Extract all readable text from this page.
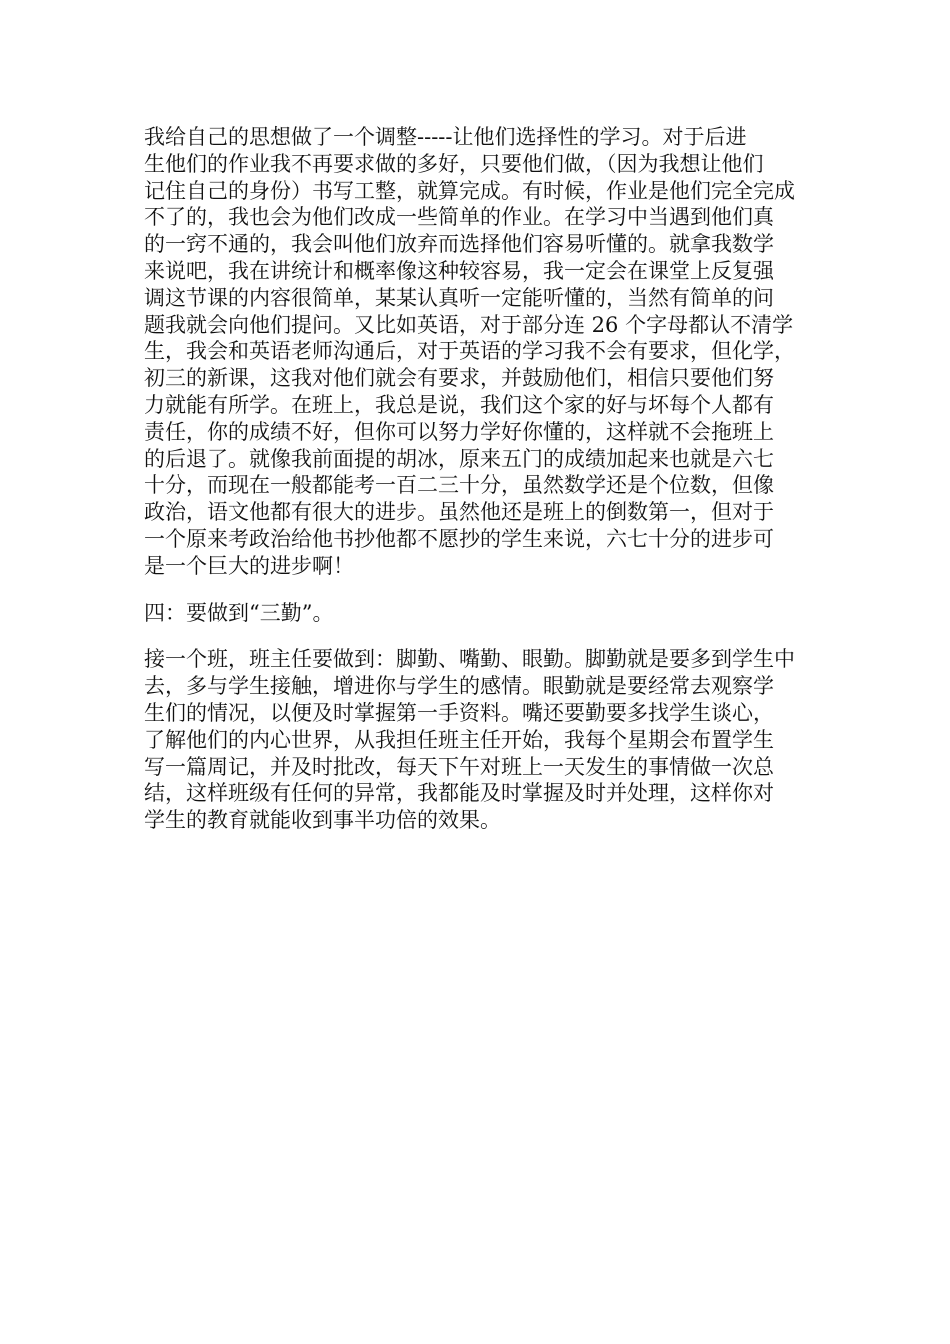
我给自己的思想做了一个调整-----让他们选择性的学习。对于后进
生他们的作业我不再要求做的多好，只要他们做，（因为我想让他们
记住自己的身份）书写工整，就算完成。有时候，作业是他们完全完成
不了的，我也会为他们改成一些简单的作业。在学习中当遇到他们真
的一窍不通的，我会叫他们放弃而选择他们容易听懂的。就拿我数学
来说吧，我在讲统计和概率像这种较容易，我一定会在课堂上反复强
调这节课的内容很简单，某某认真听一定能听懂的，当然有简单的问
题我就会向他们提问。又比如英语，对于部分连 26 个字母都认不清学
生，我会和英语老师沟通后，对于英语的学习我不会有要求，但化学，
初三的新课，这我对他们就会有要求，并鼓励他们，相信只要他们努
力就能有所学。在班上，我总是说，我们这个家的好与坏每个人都有
责任，你的成绩不好，但你可以努力学好你懂的，这样就不会拖班上
的后退了。就像我前面提的胡冰，原来五门的成绩加起来也就是六七
十分，而现在一般都能考一百二三十分，虽然数学还是个位数，但像
政治，语文他都有很大的进步。虽然他还是班上的倒数第一，但对于
一个原来考政治给他书抄他都不愿抄的学生来说，六七十分的进步可
是一个巨大的进步啊！
四：要做到“三勤”。
接一个班，班主任要做到：脚勤、嘴勤、眼勤。脚勤就是要多到学生中
去，多与学生接触，增进你与学生的感情。眼勤就是要经常去观察学
生们的情况，以便及时掌握第一手资料。嘴还要勤要多找学生谈心，
了解他们的内心世界，从我担任班主任开始，我每个星期会布置学生
写一篇周记，并及时批改，每天下午对班上一天发生的事情做一次总
结，这样班级有任何的异常，我都能及时掌握及时并处理，这样你对
学生的教育就能收到事半功倍的效果。
